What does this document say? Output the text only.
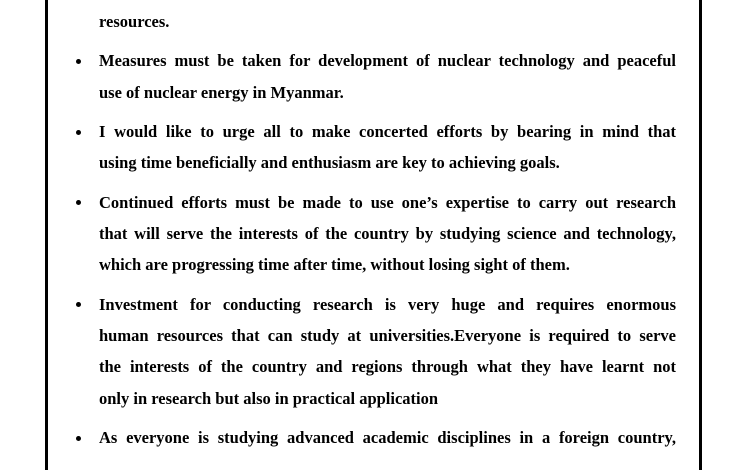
resources.
Measures must be taken for development of nuclear technology and peaceful
use of nuclear energy in Myanmar.
I would like to urge all to make concerted efforts by bearing in mind that
using time beneficially and enthusiasm are key to achieving goals.
Continued efforts must be made to use one’s expertise to carry out research
that will serve the interests of the country by studying science and technology,
which are progressing time after time, without losing sight of them.
Investment for conducting research is very huge and requires enormous
human resources that can study at universities.Everyone is required to serve
the interests of the country and regions through what they have learnt not
only in research but also in practical application
As everyone is studying advanced academic disciplines in a foreign country,
